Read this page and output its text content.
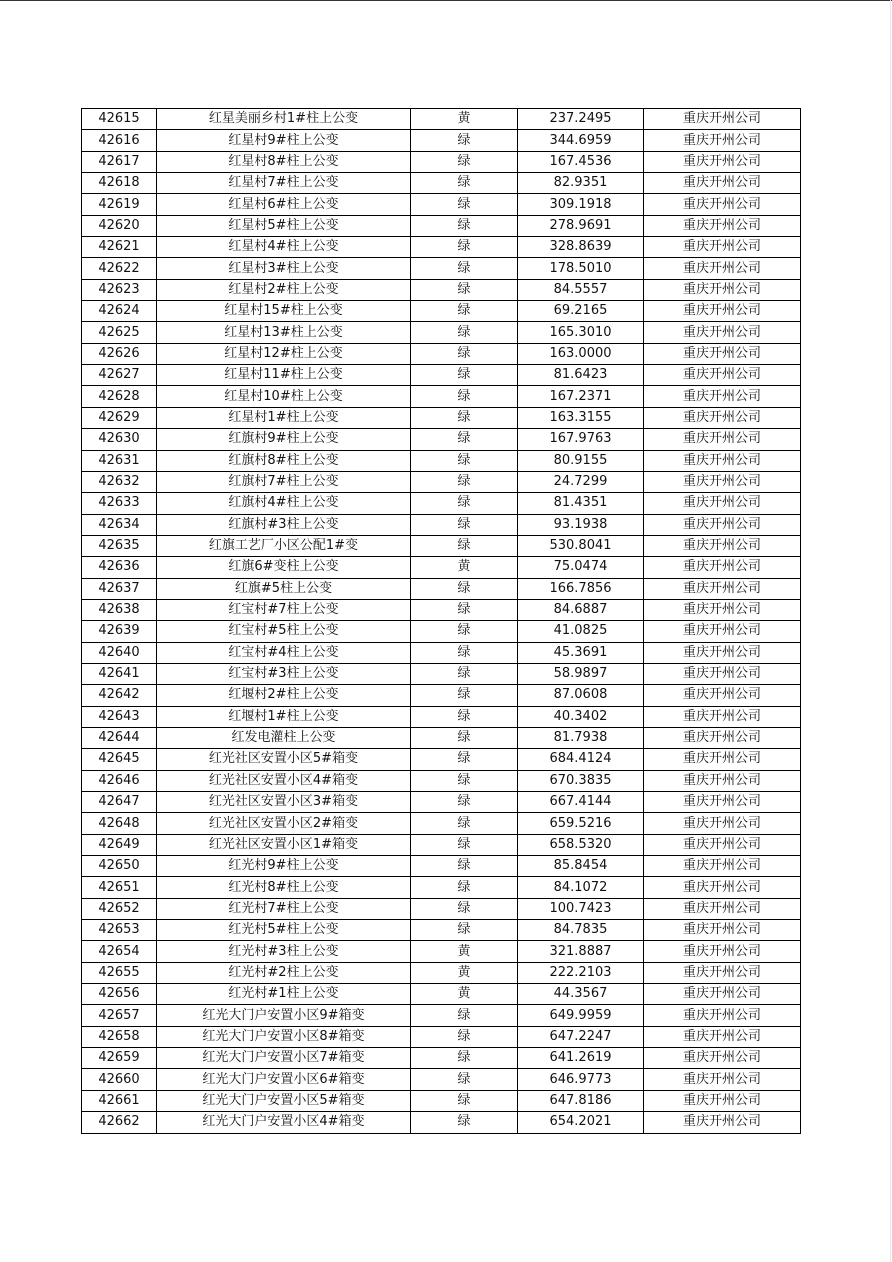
42615	红星美丽乡村1#柱上公变	黄	237.2495	重庆开州公司
42616	红星村9#柱上公变	绿	344.6959	重庆开州公司
42617	红星村8#柱上公变	绿	167.4536	重庆开州公司
42618	红星村7#柱上公变	绿	82.9351	重庆开州公司
42619	红星村6#柱上公变	绿	309.1918	重庆开州公司
42620	红星村5#柱上公变	绿	278.9691	重庆开州公司
42621	红星村4#柱上公变	绿	328.8639	重庆开州公司
42622	红星村3#柱上公变	绿	178.5010	重庆开州公司
42623	红星村2#柱上公变	绿	84.5557	重庆开州公司
42624	红星村15#柱上公变	绿	69.2165	重庆开州公司
42625	红星村13#柱上公变	绿	165.3010	重庆开州公司
42626	红星村12#柱上公变	绿	163.0000	重庆开州公司
42627	红星村11#柱上公变	绿	81.6423	重庆开州公司
42628	红星村10#柱上公变	绿	167.2371	重庆开州公司
42629	红星村1#柱上公变	绿	163.3155	重庆开州公司
42630	红旗村9#柱上公变	绿	167.9763	重庆开州公司
42631	红旗村8#柱上公变	绿	80.9155	重庆开州公司
42632	红旗村7#柱上公变	绿	24.7299	重庆开州公司
42633	红旗村4#柱上公变	绿	81.4351	重庆开州公司
42634	红旗村#3柱上公变	绿	93.1938	重庆开州公司
42635	红旗工艺厂小区公配1#变	绿	530.8041	重庆开州公司
42636	红旗6#变柱上公变	黄	75.0474	重庆开州公司
42637	红旗#5柱上公变	绿	166.7856	重庆开州公司
42638	红宝村#7柱上公变	绿	84.6887	重庆开州公司
42639	红宝村#5柱上公变	绿	41.0825	重庆开州公司
42640	红宝村#4柱上公变	绿	45.3691	重庆开州公司
42641	红宝村#3柱上公变	绿	58.9897	重庆开州公司
42642	红堰村2#柱上公变	绿	87.0608	重庆开州公司
42643	红堰村1#柱上公变	绿	40.3402	重庆开州公司
42644	红发电灌柱上公变	绿	81.7938	重庆开州公司
42645	红光社区安置小区5#箱变	绿	684.4124	重庆开州公司
42646	红光社区安置小区4#箱变	绿	670.3835	重庆开州公司
42647	红光社区安置小区3#箱变	绿	667.4144	重庆开州公司
42648	红光社区安置小区2#箱变	绿	659.5216	重庆开州公司
42649	红光社区安置小区1#箱变	绿	658.5320	重庆开州公司
42650	红光村9#柱上公变	绿	85.8454	重庆开州公司
42651	红光村8#柱上公变	绿	84.1072	重庆开州公司
42652	红光村7#柱上公变	绿	100.7423	重庆开州公司
42653	红光村5#柱上公变	绿	84.7835	重庆开州公司
42654	红光村#3柱上公变	黄	321.8887	重庆开州公司
42655	红光村#2柱上公变	黄	222.2103	重庆开州公司
42656	红光村#1柱上公变	黄	44.3567	重庆开州公司
42657	红光大门户安置小区9#箱变	绿	649.9959	重庆开州公司
42658	红光大门户安置小区8#箱变	绿	647.2247	重庆开州公司
42659	红光大门户安置小区7#箱变	绿	641.2619	重庆开州公司
42660	红光大门户安置小区6#箱变	绿	646.9773	重庆开州公司
42661	红光大门户安置小区5#箱变	绿	647.8186	重庆开州公司
42662	红光大门户安置小区4#箱变	绿	654.2021	重庆开州公司
